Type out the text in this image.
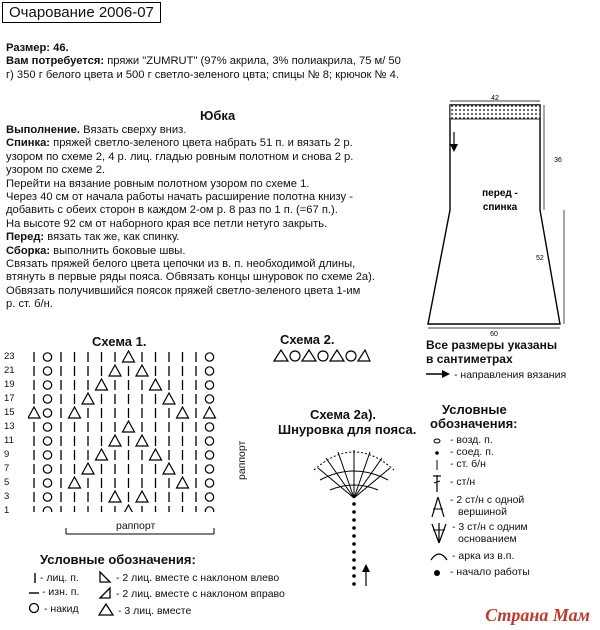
Очарование 2006-07
Размер: 46.
Вам потребуется: пряжи "ZUMRUT" (97% акрила, 3% полиакрила, 75 м/ 50
г) 350 г белого цвета и 500 г светло-зеленого цвта; спицы № 8; крючок № 4.
Юбка
Выполнение. Вязать сверху вниз.
Спинка: пряжей светло-зеленого цвета набрать 51 п. и вязать 2 р.
узором по схеме 2, 4 р. лиц. гладью ровным полотном и снова 2 р.
узором по схеме 2.
Перейти на вязание ровным полотном узором по схеме 1.
Через 40 см от начала работы начать расширение полотна книзу -
добавить с обеих сторон в каждом 2-ом р. 8 раз по 1 п. (=67 п.).
На высоте 92 см от наборного края все петли нетугo закрыть.
Перед: вязать так же, как спинку.
Сборка: выполнить боковые швы.
Связать пряжей белого цвета цепочки из в. п. необходимой длины,
втянуть в первые ряды пояса. Обвязать концы шнуровок по схеме 2а).
Обвязать получившийся поясок пряжей светло-зеленого цвета 1-им
р. ст. б/н.
42
36
52
60
перед -
спинка
Все размеры указаны
в сантиметрах
- направления вязания
Схема 1.
23
21
19
17
15
13
11
9
7
5
3
1
раппорт
раппорт
Схема 2.
Схема 2а).
Шнуровка для пояса.
Условные
обозначения:
- возд. п.
- соед. п.
- ст. б/н
- ст/н
- 2 ст/н с одной
вершиной
- 3 ст/н с одним
основанием
- арка из в.п.
- начало работы
Условные обозначения:
- лиц. п.
- изн. п.
- накид
- 2 лиц. вместе с наклоном влево
- 2 лиц. вместе с наклоном вправо
- 3 лиц. вместе	Страна Мам
